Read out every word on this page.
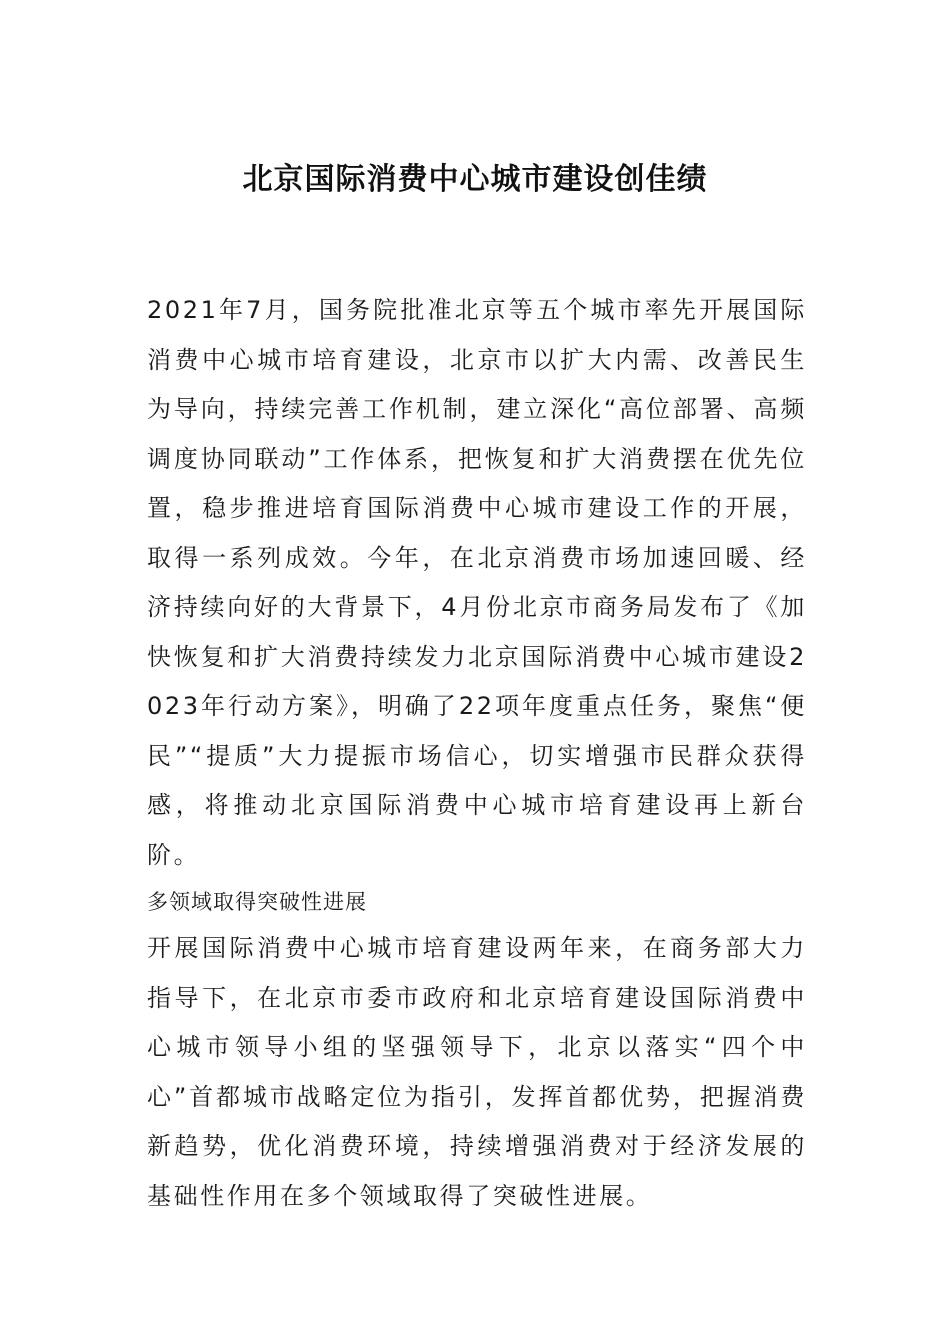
北京国际消费中心城市建设创佳绩

2021年7月，国务院批准北京等五个城市率先开展国际消费中心城市培育建设，北京市以扩大内需、改善民生为导向，持续完善工作机制，建立深化“高位部署、高频调度协同联动”工作体系，把恢复和扩大消费摆在优先位置，稳步推进培育国际消费中心城市建设工作的开展，取得一系列成效。今年，在北京消费市场加速回暖、经济持续向好的大背景下，4月份北京市商务局发布了《加快恢复和扩大消费持续发力北京国际消费中心城市建设2023年行动方案》，明确了22项年度重点任务，聚焦“便民”“提质”大力提振市场信心，切实增强市民群众获得感，将推动北京国际消费中心城市培育建设再上新台阶。

多领域取得突破性进展

开展国际消费中心城市培育建设两年来，在商务部大力指导下，在北京市委市政府和北京培育建设国际消费中心城市领导小组的坚强领导下，北京以落实“四个中心”首都城市战略定位为指引，发挥首都优势，把握消费新趋势，优化消费环境，持续增强消费对于经济发展的基础性作用在多个领域取得了突破性进展。
